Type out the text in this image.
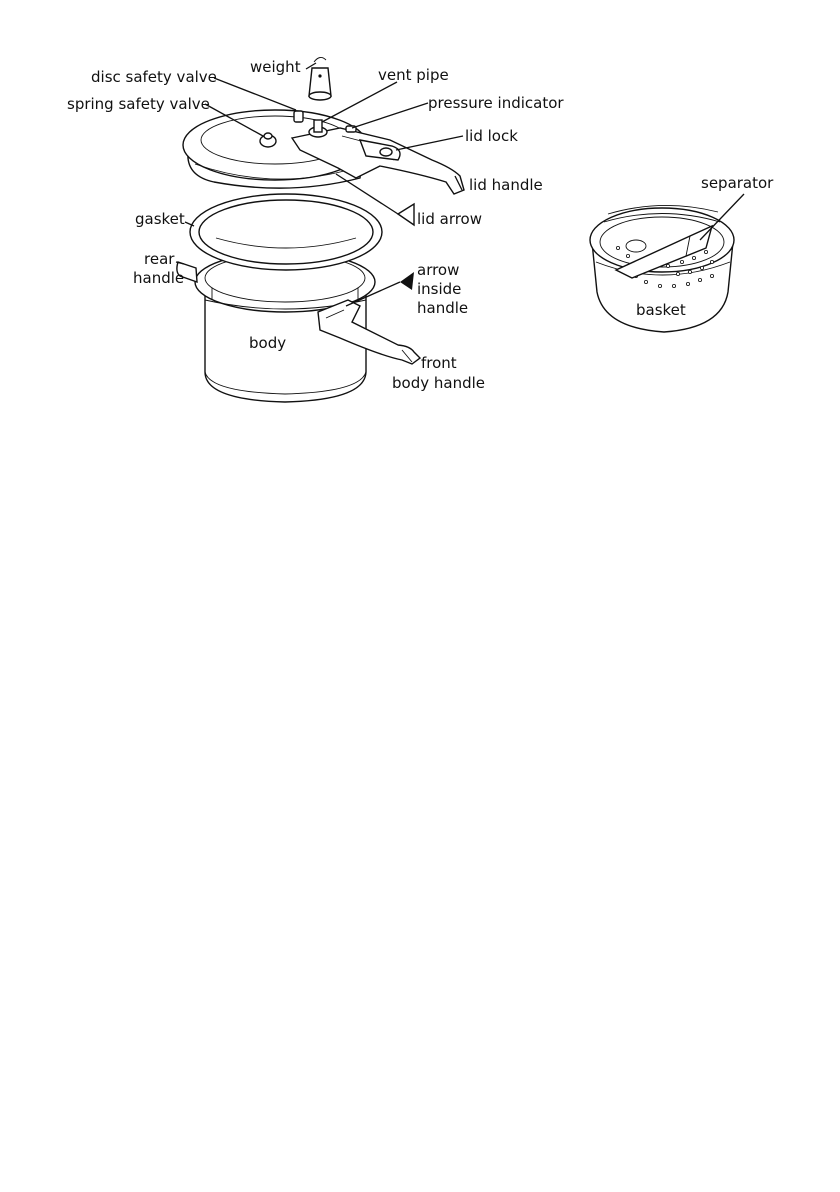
weight
disc safety valve	vent pipe
spring safety valve	pressure indicator
lid lock
lid handle
lid arrow
gasket
rear
handle	arrow
inside
handle
body
front
body handle
separator
basket
